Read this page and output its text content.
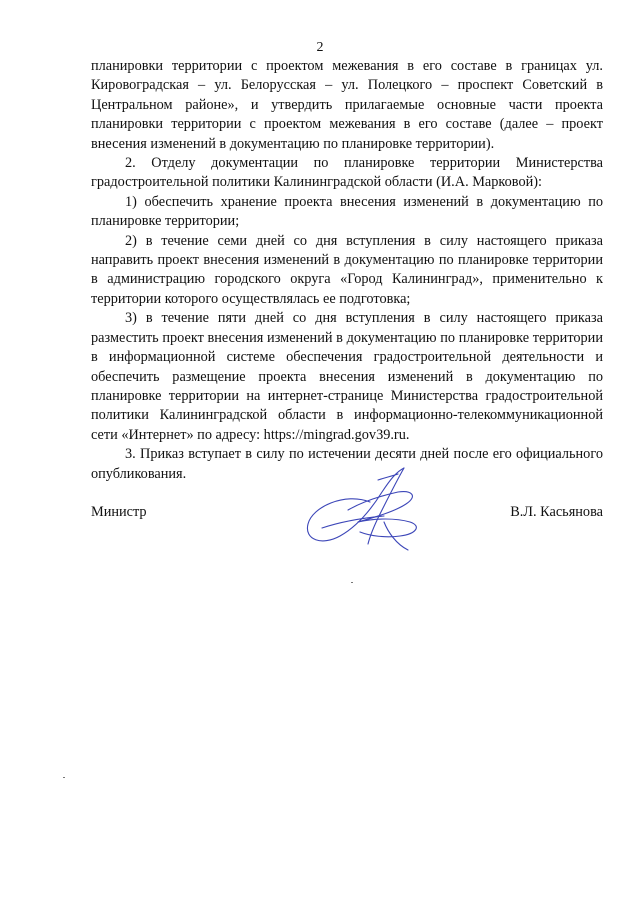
2

планировки территории с проектом межевания в его составе в границах ул. Кировоградская – ул. Белорусская – ул. Полецкого – проспект Советский в Центральном районе», и утвердить прилагаемые основные части проекта планировки территории с проектом межевания в его составе (далее – проект внесения изменений в документацию по планировке территории).

2. Отделу документации по планировке территории Министерства градостроительной политики Калининградской области (И.А. Марковой):

1) обеспечить хранение проекта внесения изменений в документацию по планировке территории;

2) в течение семи дней со дня вступления в силу настоящего приказа направить проект внесения изменений в документацию по планировке территории в администрацию городского округа «Город Калининград», применительно к территории которого осуществлялась ее подготовка;

3) в течение пяти дней со дня вступления в силу настоящего приказа разместить проект внесения изменений в документацию по планировке территории в информационной системе обеспечения градостроительной деятельности и обеспечить размещение проекта внесения изменений в документацию по планировке территории на интернет-странице Министерства градостроительной политики Калининградской области в информационно-телекоммуникационной сети «Интернет» по адресу: https://mingrad.gov39.ru.

3. Приказ вступает в силу по истечении десяти дней после его официального опубликования.

Министр	В.Л. Касьянова
